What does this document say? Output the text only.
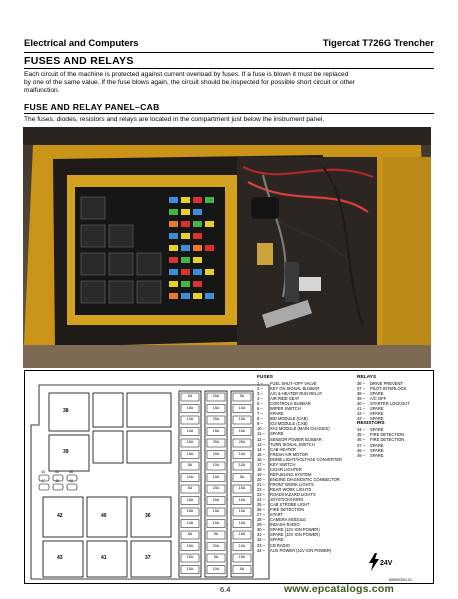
Electrical and Computers	Tigercat T726G Trencher
FUSES AND RELAYS
Each circuit of the machine is protected against current overload by fuses. If a fuse is blown it must be replaced
by one of the same value. If the fuse blows again, the circuit should be inspected for possible short circuit or other
malfunction.
FUSE AND RELAY PANEL–CAB
The fuses, diodes, resistors and relays are located in the compartment just below the instrument panel.
38
39
42	40	36
43	41	37
44
47
45
48
46
49
5A
15A
10A
10A
15A
15A
5A
10A
5A
15A
15A
10A
5A
15A
15A
15A
20A
15A
25A
15A
25A
20A
10A
10A
20A
20A
10A
10A
5A
20A
5A
10A
5A
10A
15A
15A
25A
10A
10A
5A
15A
10A
15A
15A
15A
10A
15A
5A
FUSES
1 – FUEL SHUT–OFF VALVE
2 – KEY ON SIGNAL BUSBAR
3 – A/C & HEATER RUN RELAY
4 – AIR RIDE SEAT
5 – CONTROLS BUSBAR
6 – WIPER SWITCH
7 – SPARE
8 – IBD MODULE (CAB)
9 – IO3 MODULE (CAB)
10 – XA2 MODULE (MAIN CHASSIS)
11 – SPARE
12 – SENSOR POWER BUSBAR
13 – TURN SIGNAL SWITCH
14 – CAB HEATER
15 – FRESH AIR MOTOR
16 – DOME LIGHT/VOLTAGE CONVERTER
17 – KEY SWITCH
18 – CIGAR LIGHTER
19 – REFUELING SYSTEM
20 – ENGINE DIAGNOSTIC CONNECTOR
21 – FRONT WORK LIGHTS
22 – REAR WORK LIGHTS
23 – ROAD/HAZARD LIGHTS
24 – JOYSTICK/HORN
25 – CAB STROBE LIGHT
26 – FIRE DETECTION
27 – START
28 – CAMERA MODULE
29 – INDASH RADIO
30 – SPARE (12V ION POWER)
31 – SPARE (12V ION POWER)
32 – SPARE
33 – CB RADIO
34 – AUX POWER (12V ION POWER)
RELAYS
36 – DRIVE PREVENT
37 – PILOT INTERLOCK
38 – SPARE
39 – A/C OFF
40 – STARTER LOCKOUT
41 – SPARE
42 – SPARE
43 – SPARE
RESISTORS
44 – SPARE
45 – FIRE DETECTION
46 – FIRE DETECTION
47 – SPARE
48 – SPARE
49 – SPARE
24V
6959SG0G.01
6.4	www.epcatalogs.com
